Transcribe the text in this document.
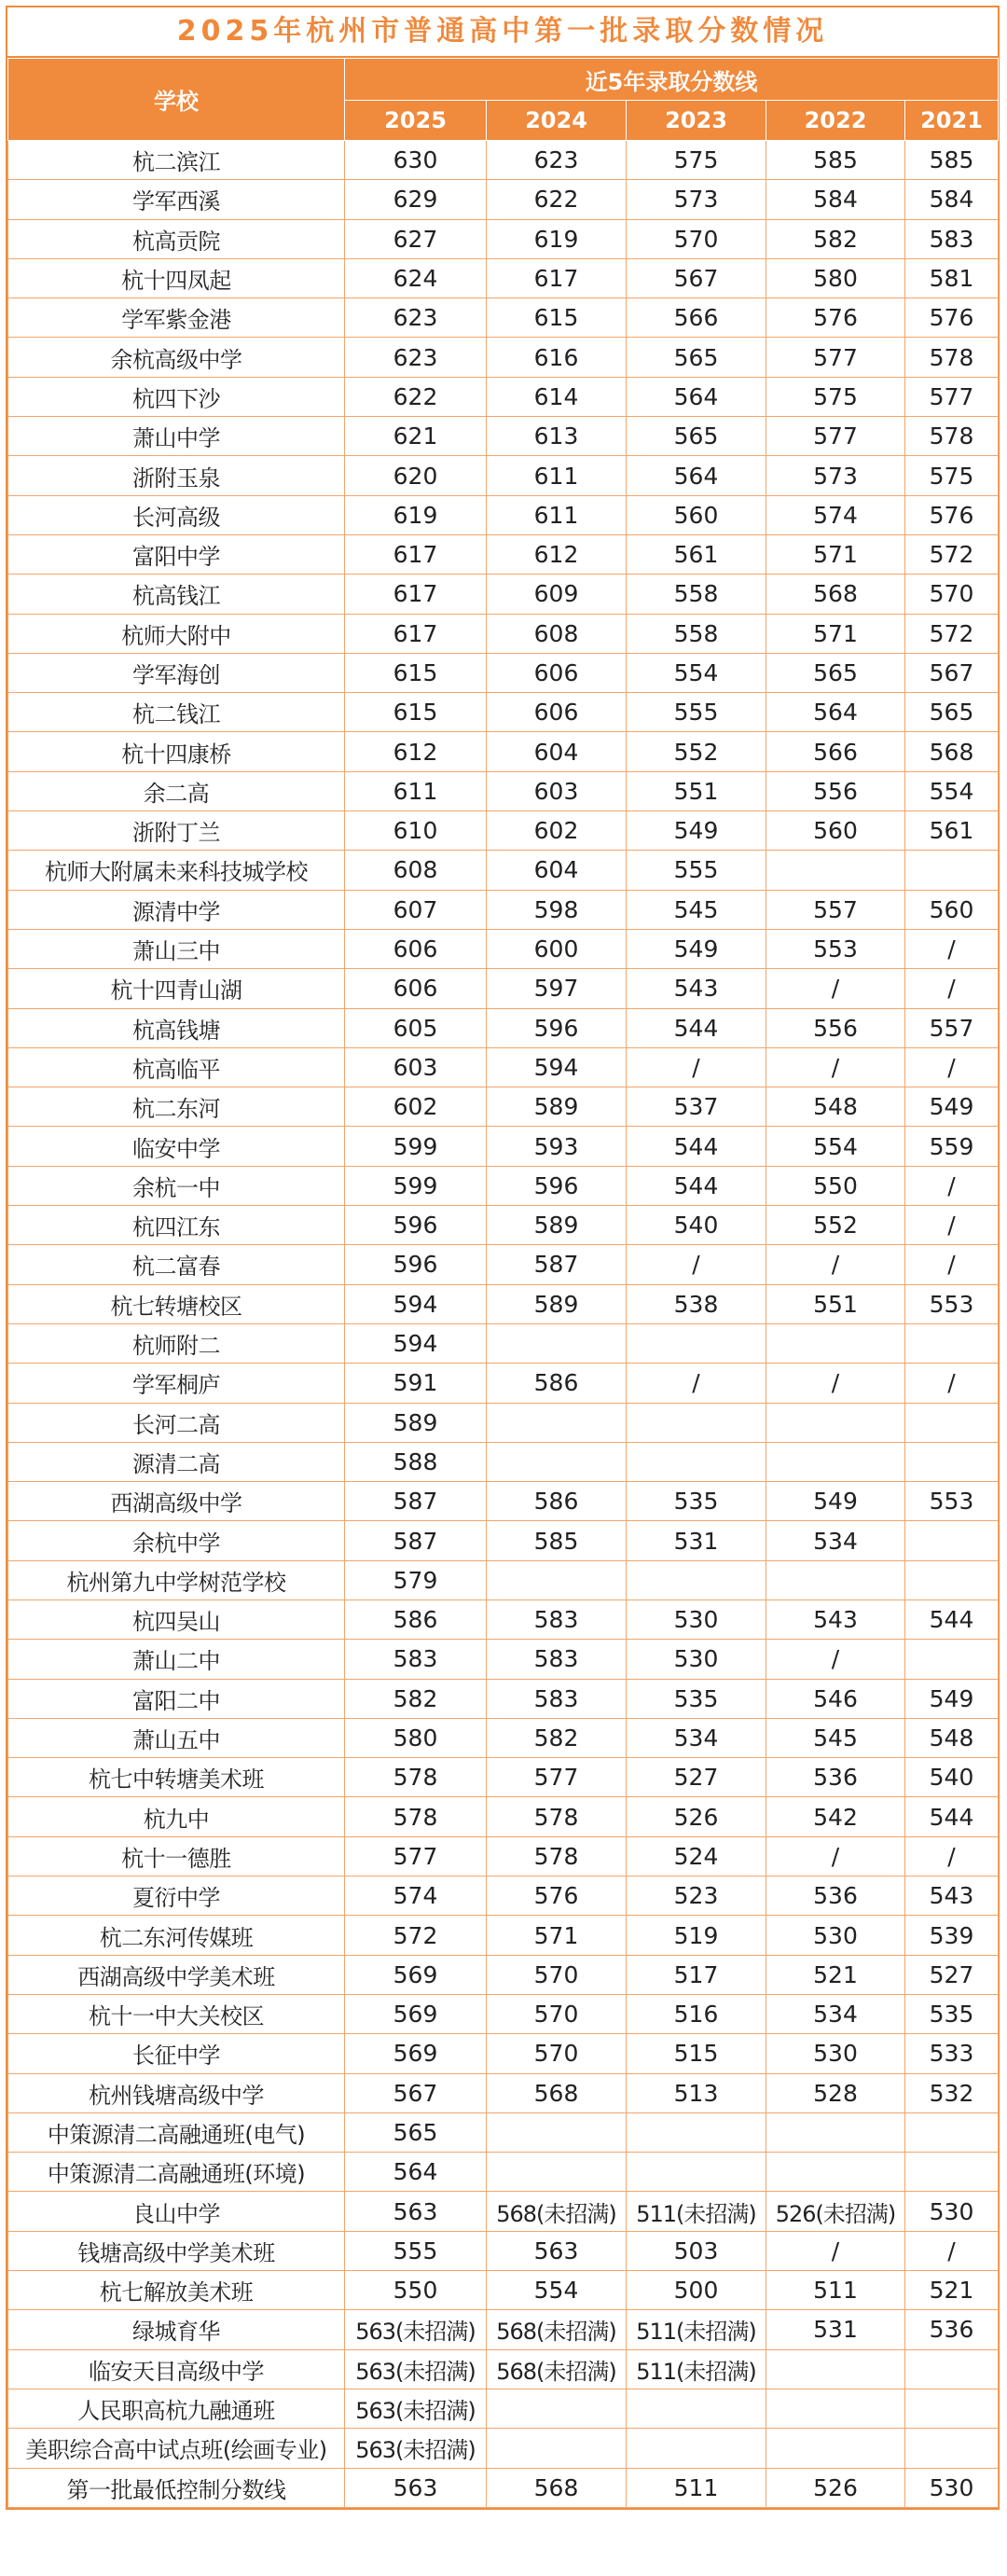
2025年杭州市普通高中第一批录取分数情况
学校	近5年录取分数线				
	2025	2024	2023	2022	2021
杭二滨江	630	623	575	585	585
学军西溪	629	622	573	584	584
杭高贡院	627	619	570	582	583
杭十四凤起	624	617	567	580	581
学军紫金港	623	615	566	576	576
余杭高级中学	623	616	565	577	578
杭四下沙	622	614	564	575	577
萧山中学	621	613	565	577	578
浙附玉泉	620	611	564	573	575
长河高级	619	611	560	574	576
富阳中学	617	612	561	571	572
杭高钱江	617	609	558	568	570
杭师大附中	617	608	558	571	572
学军海创	615	606	554	565	567
杭二钱江	615	606	555	564	565
杭十四康桥	612	604	552	566	568
余二高	611	603	551	556	554
浙附丁兰	610	602	549	560	561
杭师大附属未来科技城学校	608	604	555		
源清中学	607	598	545	557	560
萧山三中	606	600	549	553	/
杭十四青山湖	606	597	543	/	/
杭高钱塘	605	596	544	556	557
杭高临平	603	594	/	/	/
杭二东河	602	589	537	548	549
临安中学	599	593	544	554	559
余杭一中	599	596	544	550	/
杭四江东	596	589	540	552	/
杭二富春	596	587	/	/	/
杭七转塘校区	594	589	538	551	553
杭师附二	594				
学军桐庐	591	586	/	/	/
长河二高	589				
源清二高	588				
西湖高级中学	587	586	535	549	553
余杭中学	587	585	531	534	
杭州第九中学树范学校	579				
杭四吴山	586	583	530	543	544
萧山二中	583	583	530	/	
富阳二中	582	583	535	546	549
萧山五中	580	582	534	545	548
杭七中转塘美术班	578	577	527	536	540
杭九中	578	578	526	542	544
杭十一德胜	577	578	524	/	/
夏衍中学	574	576	523	536	543
杭二东河传媒班	572	571	519	530	539
西湖高级中学美术班	569	570	517	521	527
杭十一中大关校区	569	570	516	534	535
长征中学	569	570	515	530	533
杭州钱塘高级中学	567	568	513	528	532
中策源清二高融通班(电气)	565				
中策源清二高融通班(环境)	564				
良山中学	563	568(未招满)	511(未招满)	526(未招满)	530
钱塘高级中学美术班	555	563	503	/	/
杭七解放美术班	550	554	500	511	521
绿城育华	563(未招满)	568(未招满)	511(未招满)	531	536
临安天目高级中学	563(未招满)	568(未招满)	511(未招满)		
人民职高杭九融通班	563(未招满)				
美职综合高中试点班(绘画专业)	563(未招满)				
第一批最低控制分数线	563	568	511	526	530
